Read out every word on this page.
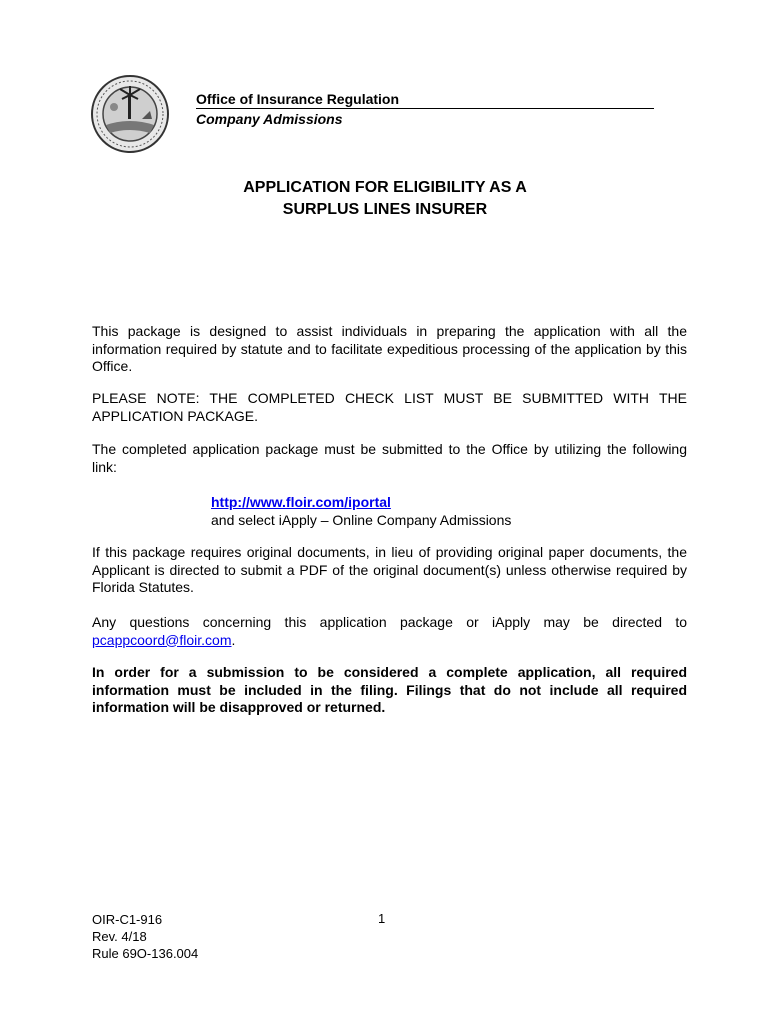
Office of Insurance Regulation
Company Admissions
APPLICATION FOR ELIGIBILITY AS A
SURPLUS LINES INSURER
This package is designed to assist individuals in preparing the application with all the information required by statute and to facilitate expeditious processing of the application by this Office.
PLEASE NOTE: THE COMPLETED CHECK LIST MUST BE SUBMITTED WITH THE APPLICATION PACKAGE.
The completed application package must be submitted to the Office by utilizing the following link:
http://www.floir.com/iportal
and select iApply – Online Company Admissions
If this package requires original documents, in lieu of providing original paper documents, the Applicant is directed to submit a PDF of the original document(s) unless otherwise required by Florida Statutes.
Any questions concerning this application package or iApply may be directed to pcappcoord@floir.com.
In order for a submission to be considered a complete application, all required information must be included in the filing. Filings that do not include all required information will be disapproved or returned.
OIR-C1-916
Rev. 4/18
Rule 69O-136.004
1
